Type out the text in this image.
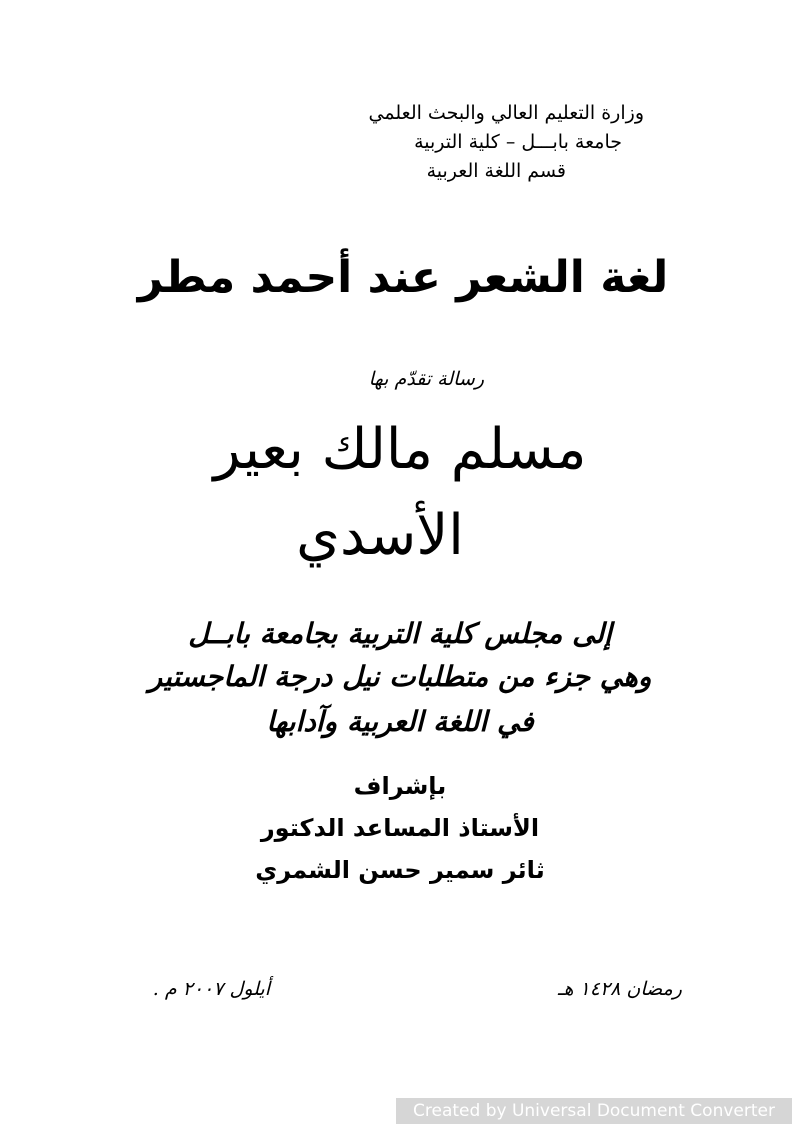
وزارة التعليم العالي والبحث العلمي
جامعة بابـــل – كلية التربية
قسم اللغة العربية
لغة الشعر عند أحمد مطر
رسالة تقدّم بها
مسلم مالك بعير
الأسدي
إلى مجلس كلية التربية بجامعة بابــل
وهي جزء من متطلبات نيل درجة الماجستير
في اللغة العربية وآدابها
بإشراف
الأستاذ المساعد الدكتور
ثائر سمير حسن الشمري
رمضان ١٤٢٨ هـ
أيلول ٢٠٠٧ م .
Created by Universal Document Converter
